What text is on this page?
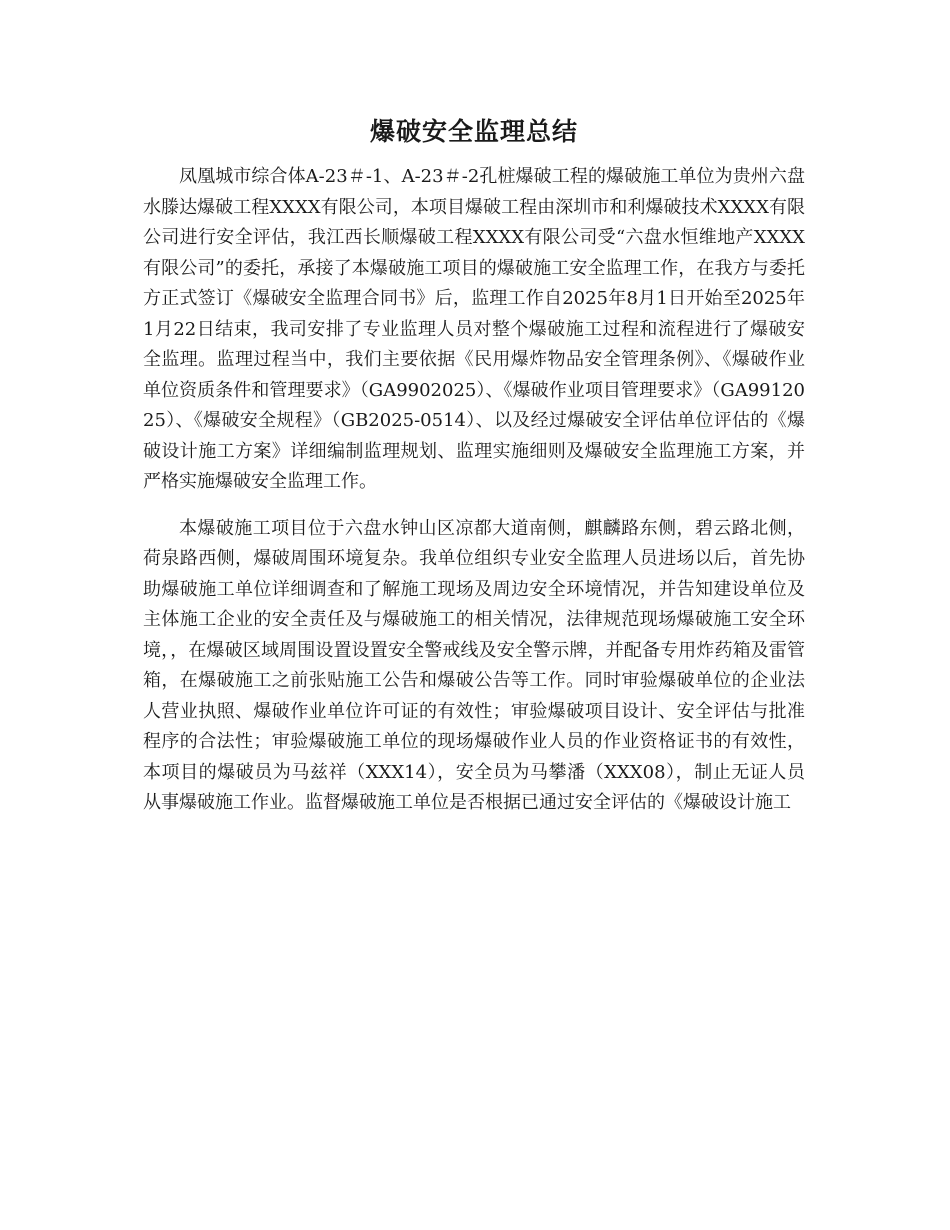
爆破安全监理总结

凤凰城市综合体A-23＃-1、A-23＃-2孔桩爆破工程的爆破施工单位为贵州六盘水滕达爆破工程XXXX有限公司，本项目爆破工程由深圳市和利爆破技术XXXX有限公司进行安全评估，我江西长顺爆破工程XXXX有限公司受“六盘水恒维地产XXXX有限公司”的委托，承接了本爆破施工项目的爆破施工安全监理工作，在我方与委托方正式签订《爆破安全监理合同书》后，监理工作自2025年8月1日开始至2025年1月22日结束，我司安排了专业监理人员对整个爆破施工过程和流程进行了爆破安全监理。监理过程当中，我们主要依据《民用爆炸物品安全管理条例》、《爆破作业单位资质条件和管理要求》（GA9902025）、《爆破作业项目管理要求》（GA9912025）、《爆破安全规程》（GB2025-0514）、以及经过爆破安全评估单位评估的《爆破设计施工方案》详细编制监理规划、监理实施细则及爆破安全监理施工方案，并严格实施爆破安全监理工作。

本爆破施工项目位于六盘水钟山区凉都大道南侧，麒麟路东侧，碧云路北侧，荷泉路西侧，爆破周围环境复杂。我单位组织专业安全监理人员进场以后，首先协助爆破施工单位详细调查和了解施工现场及周边安全环境情况，并告知建设单位及主体施工企业的安全责任及与爆破施工的相关情况，法律规范现场爆破施工安全环境，，在爆破区域周围设置设置安全警戒线及安全警示牌，并配备专用炸药箱及雷管箱，在爆破施工之前张贴施工公告和爆破公告等工作。同时审验爆破单位的企业法人营业执照、爆破作业单位许可证的有效性；审验爆破项目设计、安全评估与批准程序的合法性；审验爆破施工单位的现场爆破作业人员的作业资格证书的有效性，本项目的爆破员为马兹祥（XXX14），安全员为马攀潘（XXX08），制止无证人员从事爆破施工作业。监督爆破施工单位是否根据已通过安全评估的《爆破设计施工
